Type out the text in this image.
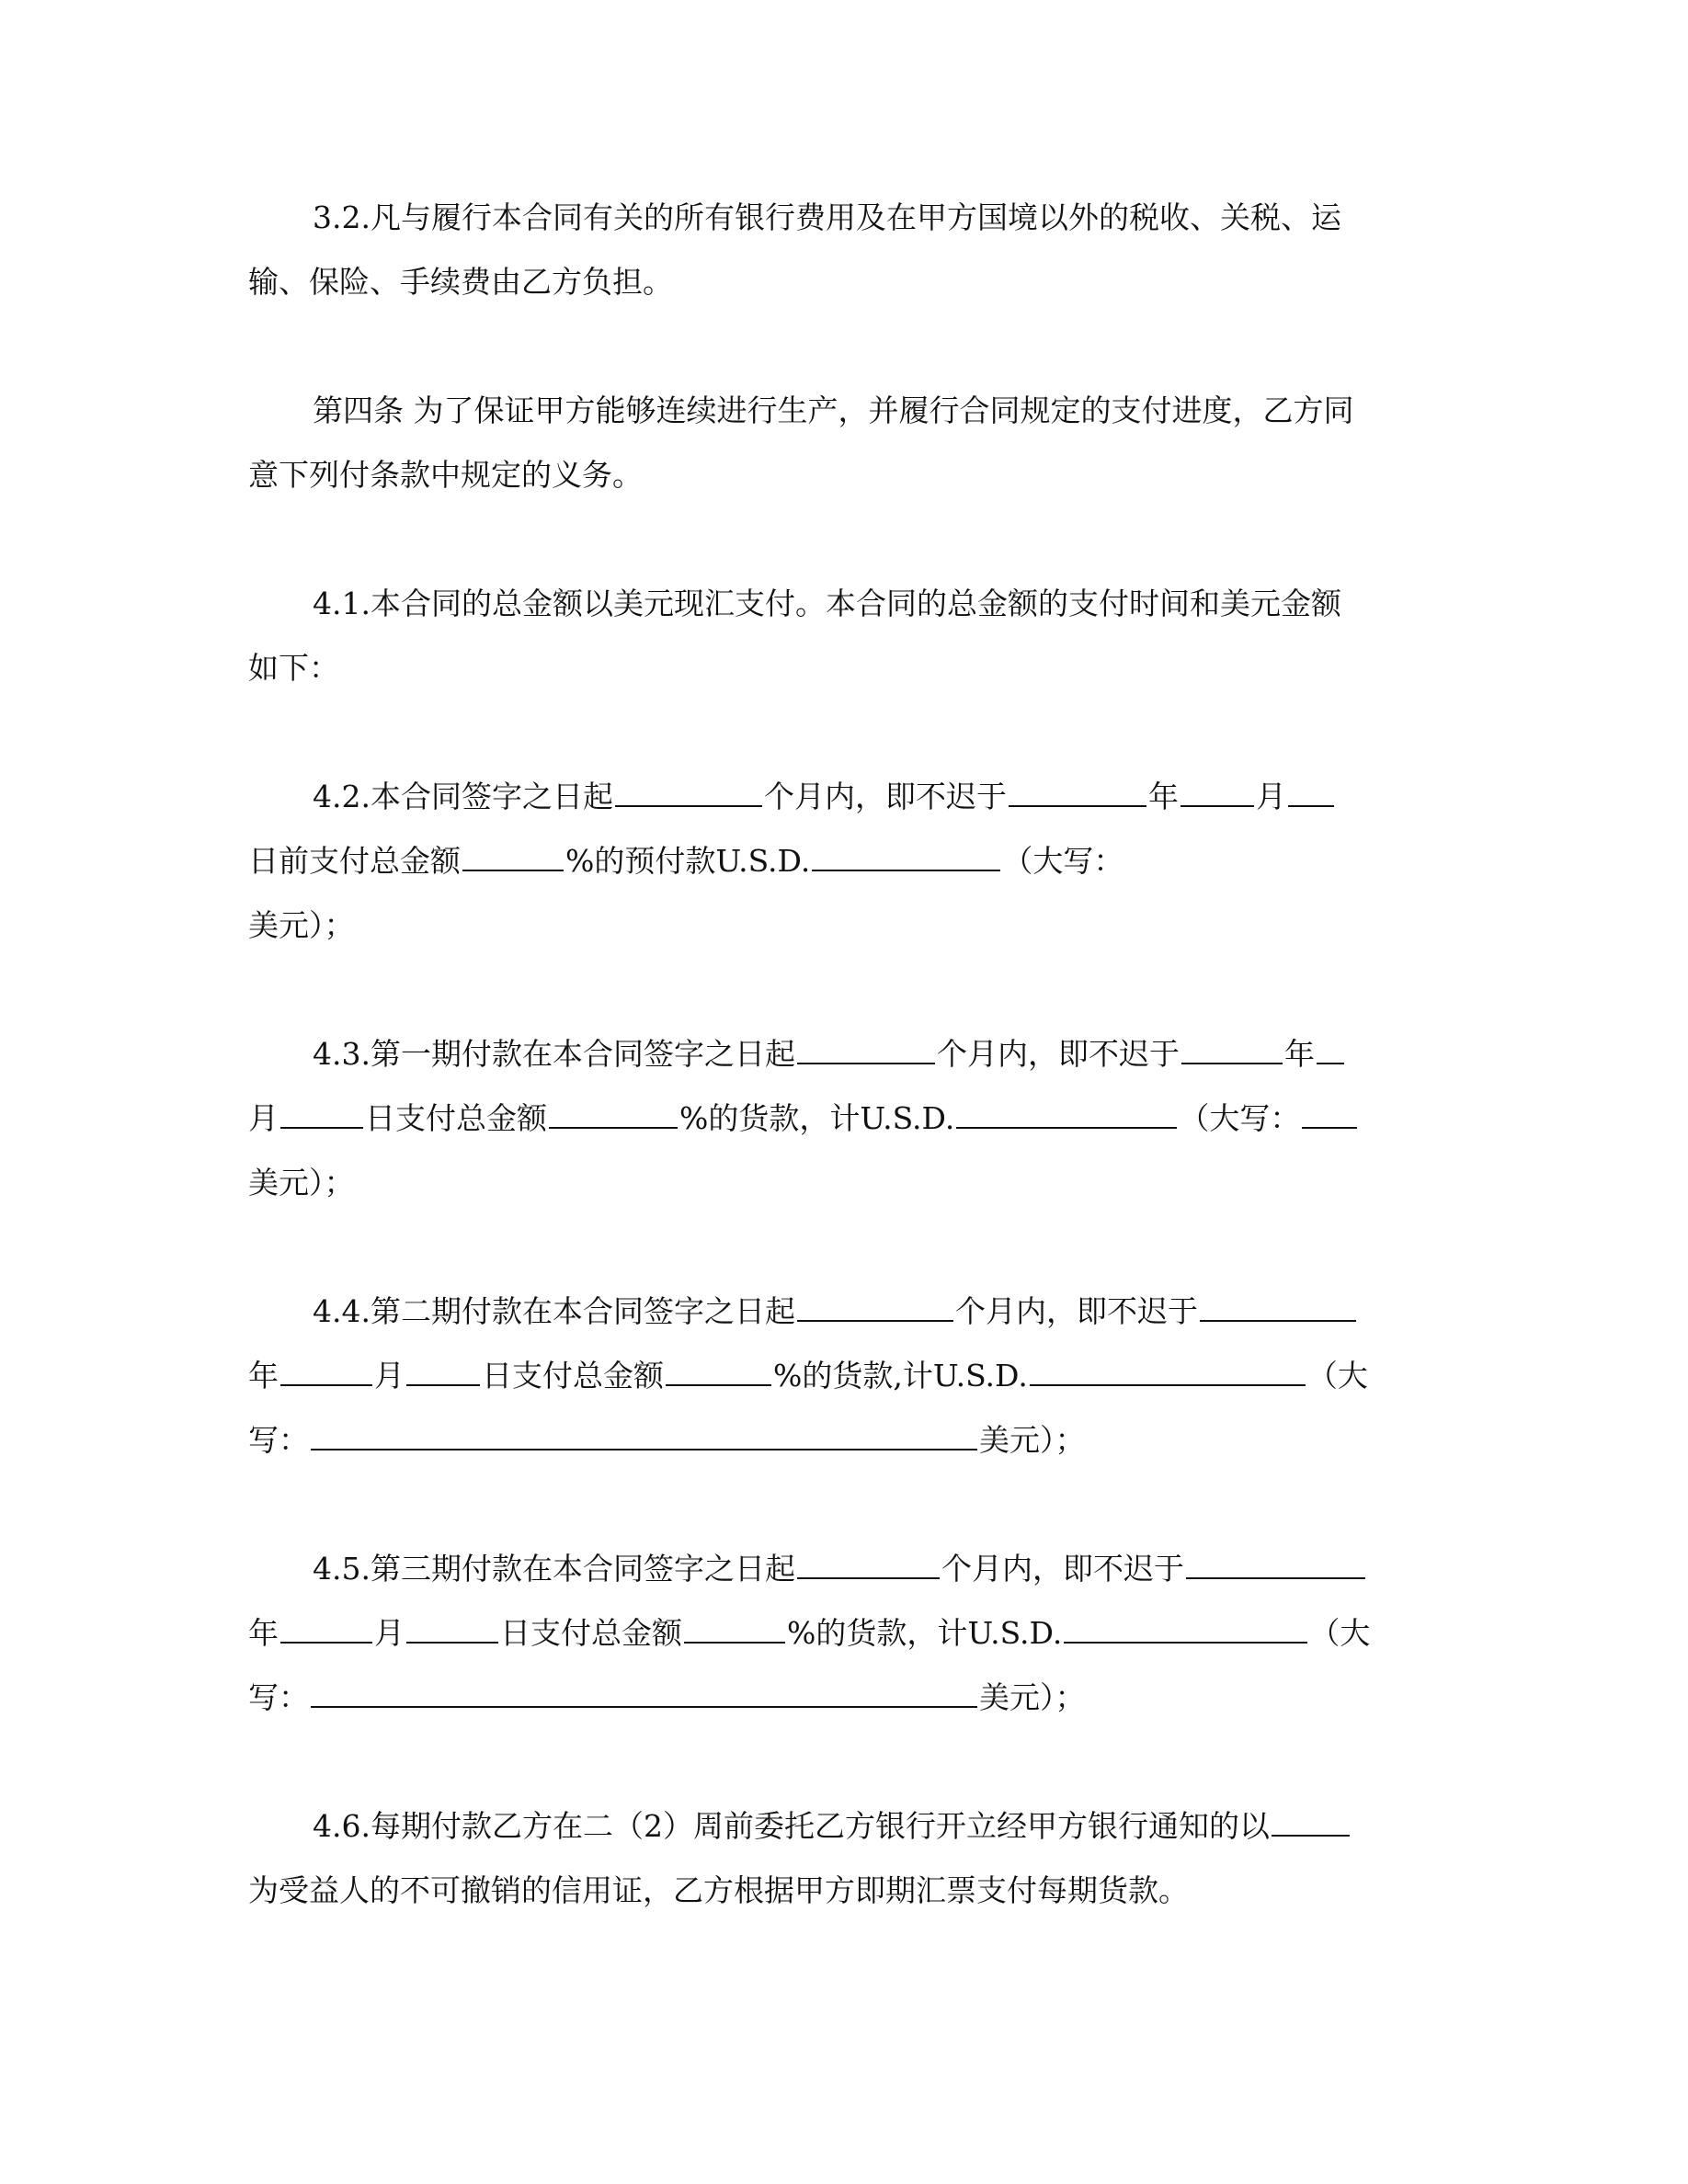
3.2.凡与履行本合同有关的所有银行费用及在甲方国境以外的税收、关税、运
输、保险、手续费由乙方负担。
第四条 为了保证甲方能够连续进行生产，并履行合同规定的支付进度，乙方同
意下列付条款中规定的义务。
4.1.本合同的总金额以美元现汇支付。本合同的总金额的支付时间和美元金额
如下：
4.2.本合同签字之日起	个月内，即不迟于	年	月
日前支付总金额	%的预付款U.S.D.	（大写：
美元）；
4.3.第一期付款在本合同签字之日起	个月内，即不迟于	年
月	日支付总金额	%的货款，计U.S.D.	（大写：
美元）；
4.4.第二期付款在本合同签字之日起	个月内，即不迟于
年	月	日支付总金额	%的货款,计U.S.D.	（大
写：	美元）；
4.5.第三期付款在本合同签字之日起	个月内，即不迟于
年	月	日支付总金额	%的货款，计U.S.D.	（大
写：	美元）；
4.6.每期付款乙方在二（2）周前委托乙方银行开立经甲方银行通知的以
为受益人的不可撤销的信用证，乙方根据甲方即期汇票支付每期货款。
